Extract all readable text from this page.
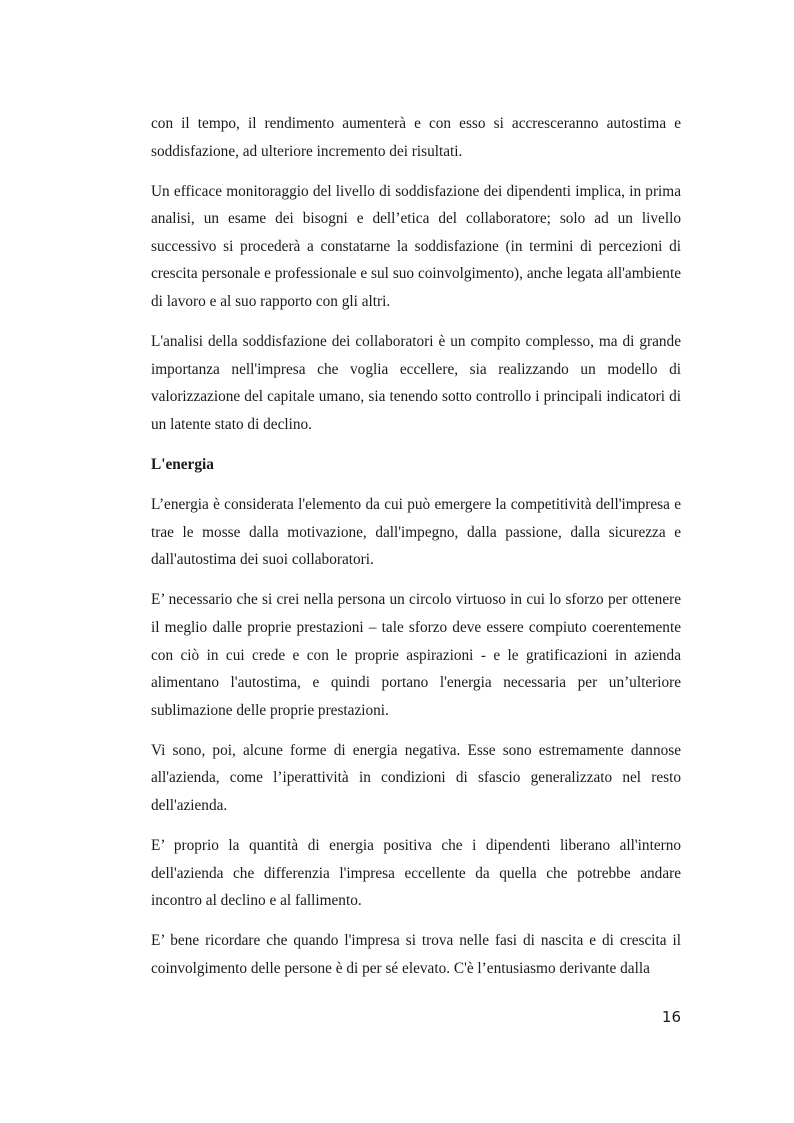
con il tempo, il rendimento aumenterà e con esso si accresceranno autostima e soddisfazione, ad ulteriore incremento dei risultati.

Un efficace monitoraggio del livello di soddisfazione dei dipendenti implica, in prima analisi, un esame dei bisogni e dell’etica del collaboratore; solo ad un livello successivo si procederà a constatarne la soddisfazione (in termini di percezioni di crescita personale e professionale e sul suo coinvolgimento), anche legata all'ambiente di lavoro e al suo rapporto con gli altri.

L'analisi della soddisfazione dei collaboratori è un compito complesso, ma di grande importanza nell'impresa che voglia eccellere, sia realizzando un modello di valorizzazione del capitale umano, sia tenendo sotto controllo i principali indicatori di un latente stato di declino.

L'energia

L’energia è considerata l'elemento da cui può emergere la competitività dell'impresa e trae le mosse dalla motivazione, dall'impegno, dalla passione, dalla sicurezza e dall'autostima dei suoi collaboratori.

E’ necessario che si crei nella persona un circolo virtuoso in cui lo sforzo per ottenere il meglio dalle proprie prestazioni – tale sforzo deve essere compiuto coerentemente con ciò in cui crede e con le proprie aspirazioni - e le gratificazioni in azienda alimentano l'autostima, e quindi portano l'energia necessaria per un’ulteriore sublimazione delle proprie prestazioni.

Vi sono, poi, alcune forme di energia negativa. Esse sono estremamente dannose all'azienda, come l’iperattività in condizioni di sfascio generalizzato nel resto dell'azienda.

E’ proprio la quantità di energia positiva che i dipendenti liberano all'interno dell'azienda che differenzia l'impresa eccellente da quella che potrebbe andare incontro al declino e al fallimento.

E’ bene ricordare che quando l'impresa si trova nelle fasi di nascita e di crescita il coinvolgimento delle persone è di per sé elevato. C'è l’entusiasmo derivante dalla

16
